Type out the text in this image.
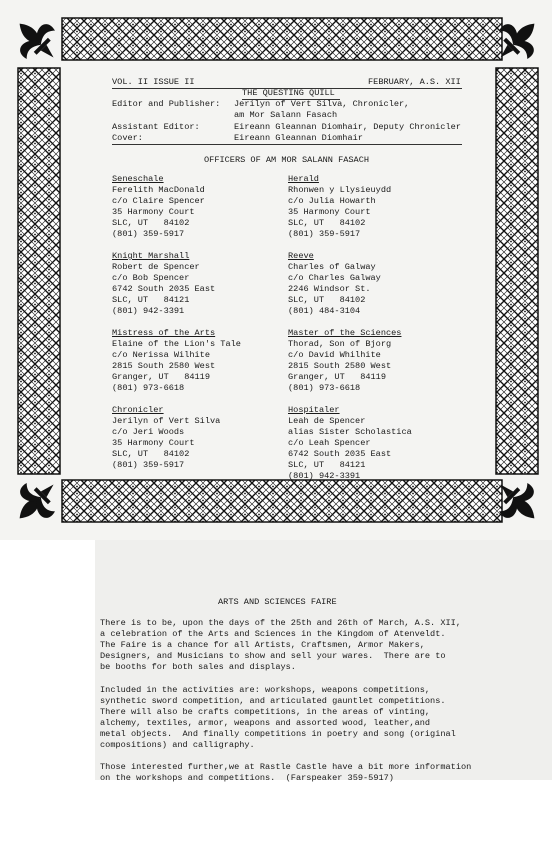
VOL. II ISSUE II	FEBRUARY, A.S. XII
THE QUESTING QUILL
Editor and Publisher: Jerilyn of Vert Silva, Chronicler,
am Mor Salann Fasach
Assistant Editor:	Eireann Gleannan Diomhair, Deputy Chronicler
Cover:	Eireann Gleannan Diomhair
OFFICERS OF AM MOR SALANN FASACH
Seneschale
Ferelith MacDonald
c/o Claire Spencer
35 Harmony Court
SLC, UT   84102
(801) 359-5917
Herald
Rhonwen y Llysieuydd
c/o Julia Howarth
35 Harmony Court
SLC, UT   84102
(801) 359-5917
Knight Marshall
Robert de Spencer
c/o Bob Spencer
6742 South 2035 East
SLC, UT   84121
(801) 942-3391
Reeve
Charles of Galway
c/o Charles Galway
2246 Windsor St.
SLC, UT   84102
(801) 484-3104
Mistress of the Arts
Elaine of the Lion's Tale
c/o Nerissa Wilhite
2815 South 2580 West
Granger, UT   84119
(801) 973-6618
Master of the Sciences
Thorad, Son of Bjorg
c/o David Whilhite
2815 South 2580 West
Granger, UT   84119
(801) 973-6618
Chronicler
Jerilyn of Vert Silva
c/o Jeri Woods
35 Harmony Court
SLC, UT   84102
(801) 359-5917
Hospitaler
Leah de Spencer
alias Sister Scholastica
c/o Leah Spencer
6742 South 2035 East
SLC, UT   84121
(801) 942-3391
ARTS AND SCIENCES FAIRE
There is to be, upon the days of the 25th and 26th of March, A.S. XII,
a celebration of the Arts and Sciences in the Kingdom of Atenveldt.
The Faire is a chance for all Artists, Craftsmen, Armor Makers,
Designers, and Musicians to show and sell your wares.  There are to
be booths for both sales and displays.
Included in the activities are: workshops, weapons competitions,
synthetic sword competition, and articulated gauntlet competitions.
There will also be crafts competitions, in the areas of vinting,
alchemy, textiles, armor, weapons and assorted wood, leather,and
metal objects.  And finally competitions in poetry and song (original
compositions) and calligraphy.
Those interested further,we at Rastle Castle have a bit more information
on the workshops and competitions.  (Farspeaker 359-5917)
